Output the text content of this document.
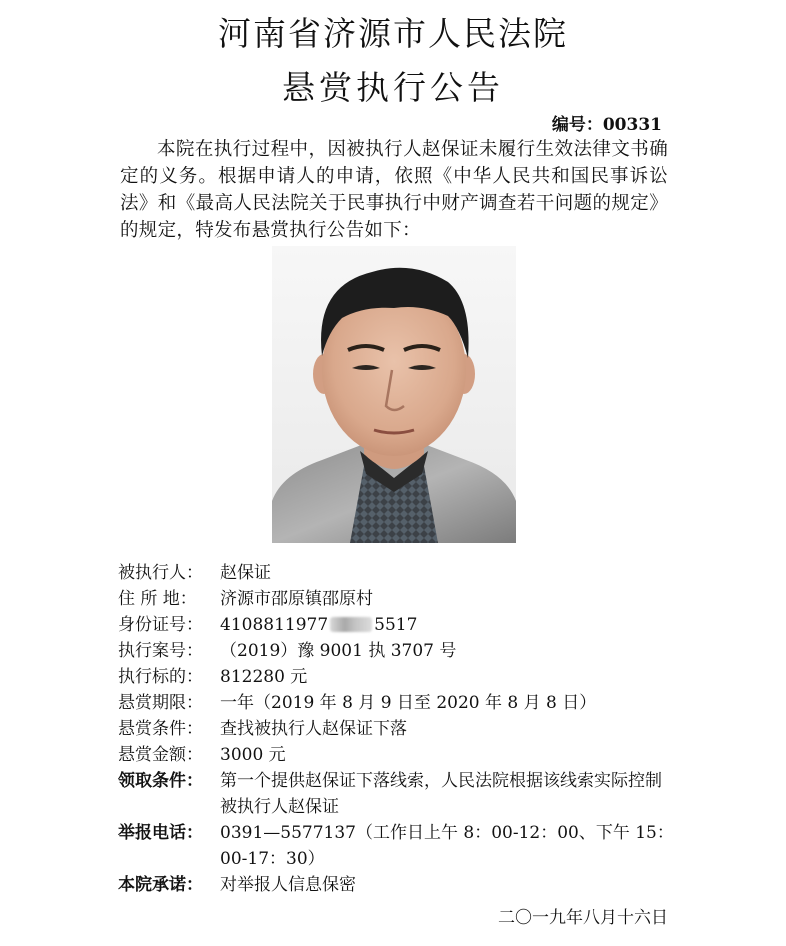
河南省济源市人民法院
悬赏执行公告
编号：00331
本院在执行过程中，因被执行人赵保证未履行生效法律文书确定的义务。根据申请人的申请，依照《中华人民共和国民事诉讼法》和《最高人民法院关于民事执行中财产调查若干问题的规定》的规定，特发布悬赏执行公告如下：
被执行人：	赵保证
住 所 地：	济源市邵原镇邵原村
身份证号：	4108811977	5517
执行案号：	（2019）豫 9001 执 3707 号
执行标的：	812280 元
悬赏期限：	一年（2019 年 8 月 9 日至 2020 年 8 月 8 日）
悬赏条件：	查找被执行人赵保证下落
悬赏金额：	3000 元
领取条件：	第一个提供赵保证下落线索，人民法院根据该线索实际控制被执行人赵保证
举报电话：	0391—5577137（工作日上午 8：00-12：00、下午 15：00-17：30）
本院承诺：	对举报人信息保密
二〇一九年八月十六日
